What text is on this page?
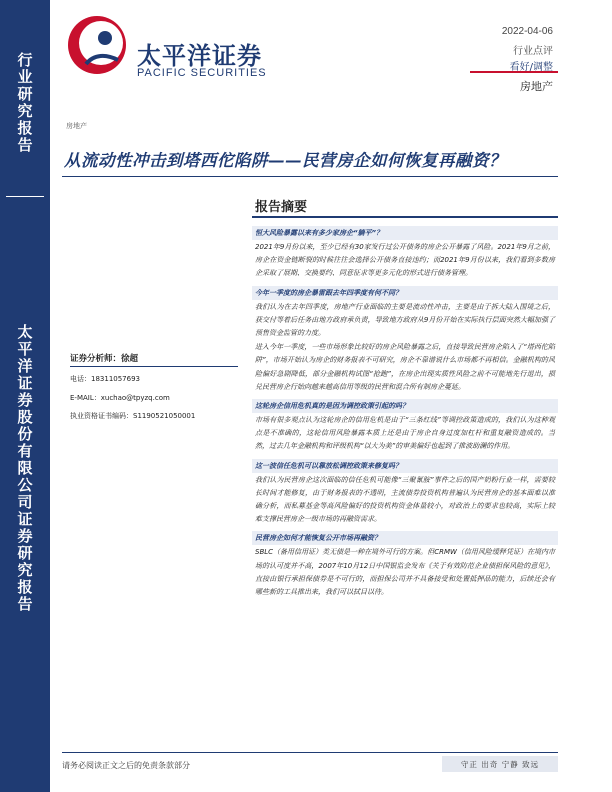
行业研究报告
太平洋证券股份有限公司证券研究报告
太平洋证券
PACIFIC SECURITIES
2022-04-06
行业点评
看好/调整
房地产
房地产
从流动性冲击到塔西佗陷阱——民营房企如何恢复再融资？
证券分析师：徐超
电话：18311057693
E-MAIL：xuchao@tpyzq.com
执业资格证书编码：S1190521050001
报告摘要
恒大风险暴露以来有多少家房企“躺平”？
2021年9月份以来，至少已经有30家发行过公开债务的房企公开暴露了风险。2021年9月之前，房企在资金链断裂的时候往往会选择公开债务直接违约；而2021年9月份以来，我们看到多数房企采取了展期、交换要约、同意征求等更多元化的形式进行债务管理。
今年一季度的房企暴雷跟去年四季度有何不同？
我们认为在去年四季度，房地产行业面临的主要是流动性冲击，主要是由于拆大陆入围境之后，获交付等着后任务由地方政府承负责，导致地方政府从9月份开始在实际执行层面突然大幅加强了预售资金监管的力度。
进入今年一季度，一些市场形象比较好的房企风险暴露之后，直接导致民营房企陷入了“塔西佗陷阱”，市场开始认为房企的财务报表不可研究，房企不靠谱说什么市场都不再相信。金融机构的风险偏好急剧降低，部分金融机构试图“抢跑”，在房企出现实质性风险之前不可能地先行退出，损兑民营房企行始向越来越高信用等级的民营和混合所有制房企蔓延。
这轮房企信用危机真的是因为调控政策引起的吗？
市场有很多观点认为这轮房企的信用危机是由于“三条红线”等调控政策造成的，我们认为这种观点是不准确的，这轮信用风险暴露本质上还是由于房企自身过度加杠杆和重复融资造成的。当然，过去几年金融机构和评级机构“以大为美”的审美偏好也起到了推波助澜的作用。
这一波信任危机可以靠放松调控政策来修复吗？
我们认为民营房企这次面临的信任危机可能像“三聚氰胺”事件之后的国产奶粉行业一样，需要较长时间才能修复，由于财务报表的不透明，主流债券投资机构普遍认为民营房企的基本面难以准确分析，而私募基金等高风险偏好的投资机构资金体量较小，对政治上的要求也较高，实际上较难支撑民营房企一级市场的再融资需求。
民营房企如何才能恢复公开市场再融资？
SBLC（备用信用证）类无债是一种在境外可行的方案。但CRMW（信用风险缓释凭证）在境内市场的认可度并不高，2007年10月12日中国银监会发布《关于有效防范企业债担保风险的意见》，直接由银行承担保债券是不可行的，而担保公司并不具备接受和处置抵押品的能力，后续还会有哪些新的工具推出来，我们可以拭目以待。
请务必阅读正文之后的免责条款部分	守正 出奇 宁静 致远
